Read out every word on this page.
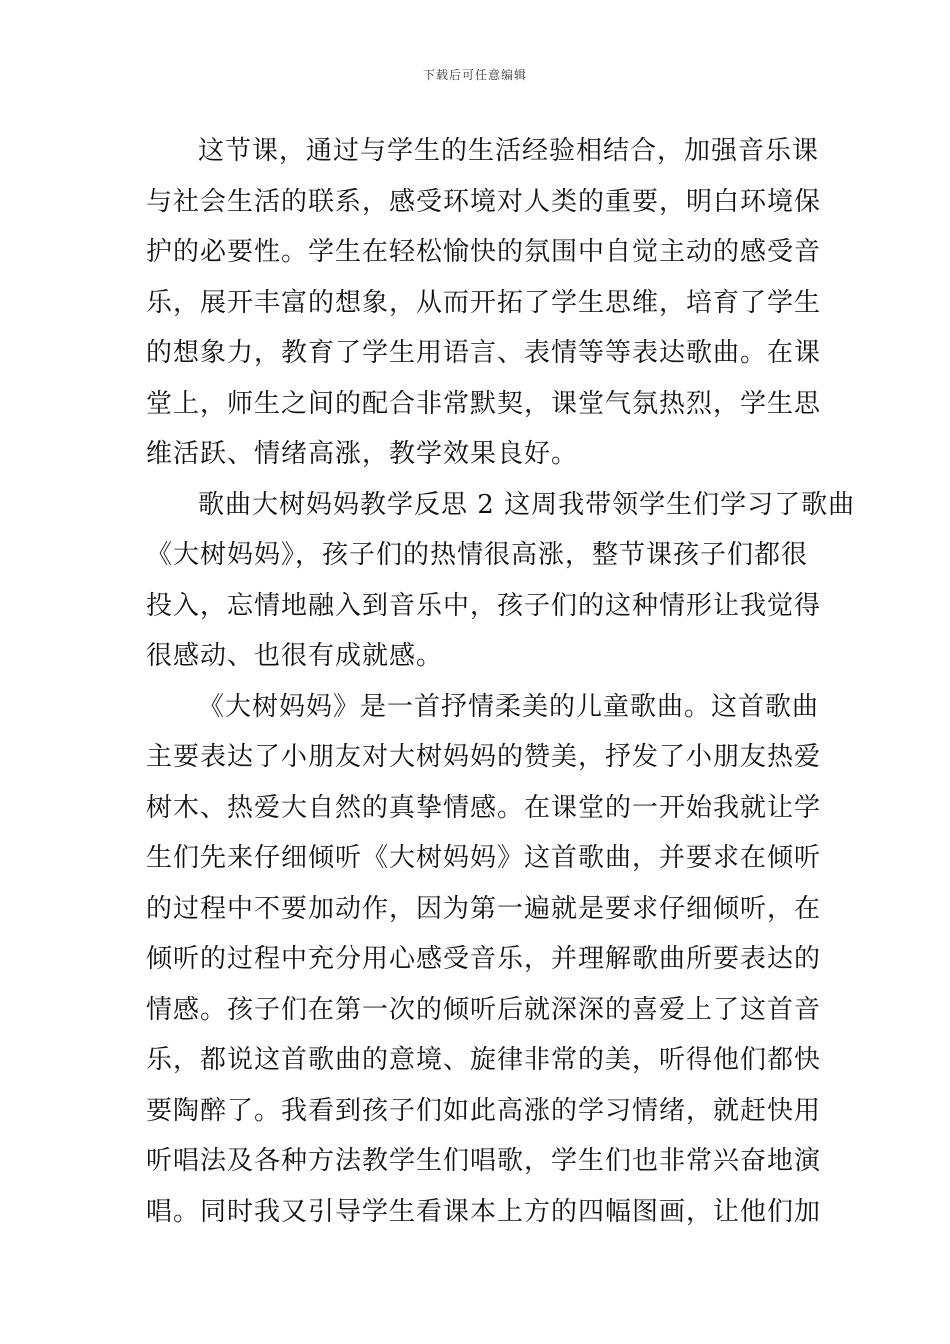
下载后可任意编辑
这节课，通过与学生的生活经验相结合，加强音乐课
与社会生活的联系，感受环境对人类的重要，明白环境保
护的必要性。学生在轻松愉快的氛围中自觉主动的感受音
乐，展开丰富的想象，从而开拓了学生思维，培育了学生
的想象力，教育了学生用语言、表情等等表达歌曲。在课
堂上，师生之间的配合非常默契，课堂气氛热烈，学生思
维活跃、情绪高涨，教学效果良好。
歌曲大树妈妈教学反思 2 这周我带领学生们学习了歌曲
《大树妈妈》，孩子们的热情很高涨，整节课孩子们都很
投入，忘情地融入到音乐中，孩子们的这种情形让我觉得
很感动、也很有成就感。
《大树妈妈》是一首抒情柔美的儿童歌曲。这首歌曲
主要表达了小朋友对大树妈妈的赞美，抒发了小朋友热爱
树木、热爱大自然的真挚情感。在课堂的一开始我就让学
生们先来仔细倾听《大树妈妈》这首歌曲，并要求在倾听
的过程中不要加动作，因为第一遍就是要求仔细倾听，在
倾听的过程中充分用心感受音乐，并理解歌曲所要表达的
情感。孩子们在第一次的倾听后就深深的喜爱上了这首音
乐，都说这首歌曲的意境、旋律非常的美，听得他们都快
要陶醉了。我看到孩子们如此高涨的学习情绪，就赶快用
听唱法及各种方法教学生们唱歌，学生们也非常兴奋地演
唱。同时我又引导学生看课本上方的四幅图画，让他们加
